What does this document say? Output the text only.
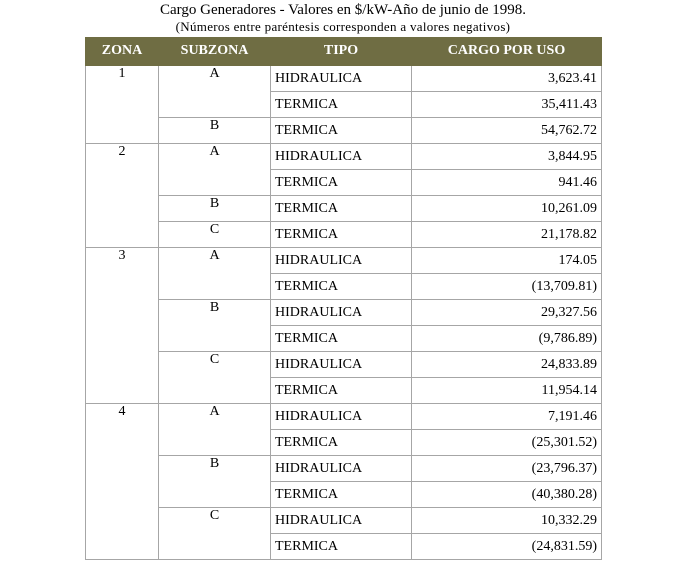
Cargo Generadores - Valores en $/kW-Año de junio de 1998.
(Números entre paréntesis corresponden a valores negativos)
ZONA	SUBZONA	TIPO	CARGO POR USO
1	A	HIDRAULICA	3,623.41
		TERMICA	35,411.43
	B	TERMICA	54,762.72
2	A	HIDRAULICA	3,844.95
		TERMICA	941.46
	B	TERMICA	10,261.09
	C	TERMICA	21,178.82
3	A	HIDRAULICA	174.05
		TERMICA	(13,709.81)
	B	HIDRAULICA	29,327.56
		TERMICA	(9,786.89)
	C	HIDRAULICA	24,833.89
		TERMICA	11,954.14
4	A	HIDRAULICA	7,191.46
		TERMICA	(25,301.52)
	B	HIDRAULICA	(23,796.37)
		TERMICA	(40,380.28)
	C	HIDRAULICA	10,332.29
		TERMICA	(24,831.59)
